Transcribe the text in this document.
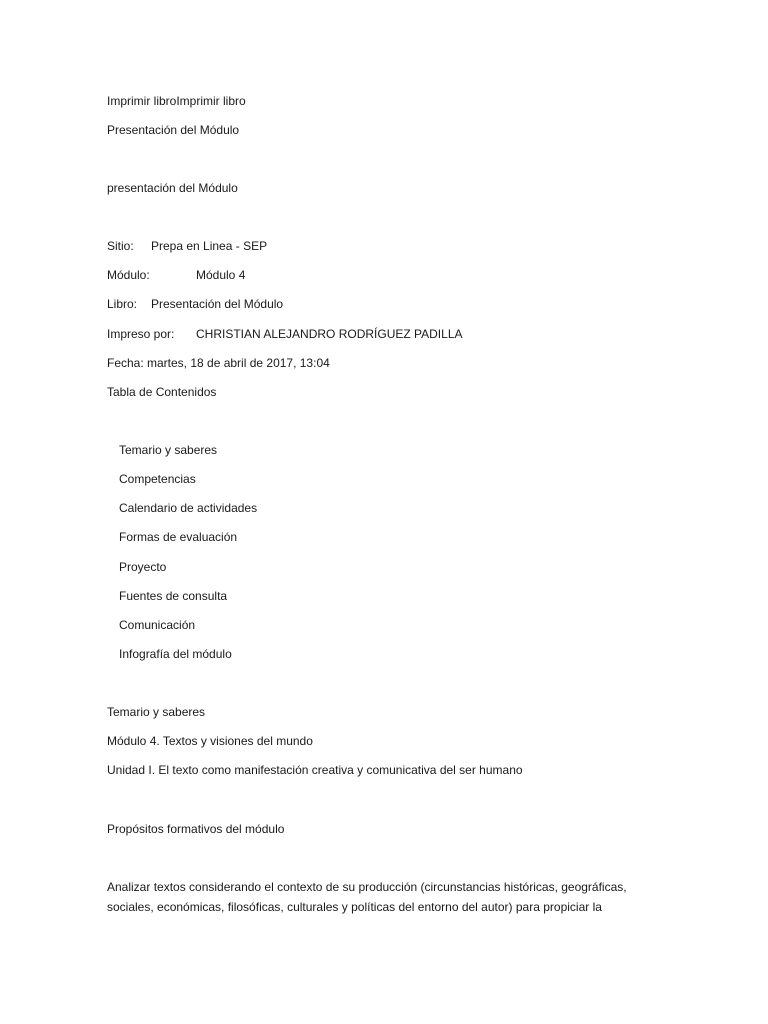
Imprimir libroImprimir libro
Presentación del Módulo
presentación del Módulo
Sitio: Prepa en Linea - SEP
Módulo:	Módulo 4
Libro: Presentación del Módulo
Impreso por: CHRISTIAN ALEJANDRO RODRÍGUEZ PADILLA
Fecha: martes, 18 de abril de 2017, 13:04
Tabla de Contenidos
Temario y saberes
Competencias
Calendario de actividades
Formas de evaluación
Proyecto
Fuentes de consulta
Comunicación
Infografía del módulo
Temario y saberes
Módulo 4. Textos y visiones del mundo
Unidad I. El texto como manifestación creativa y comunicativa del ser humano
Propósitos formativos del módulo
Analizar textos considerando el contexto de su producción (circunstancias históricas, geográficas, sociales, económicas, filosóficas, culturales y políticas del entorno del autor) para propiciar la
